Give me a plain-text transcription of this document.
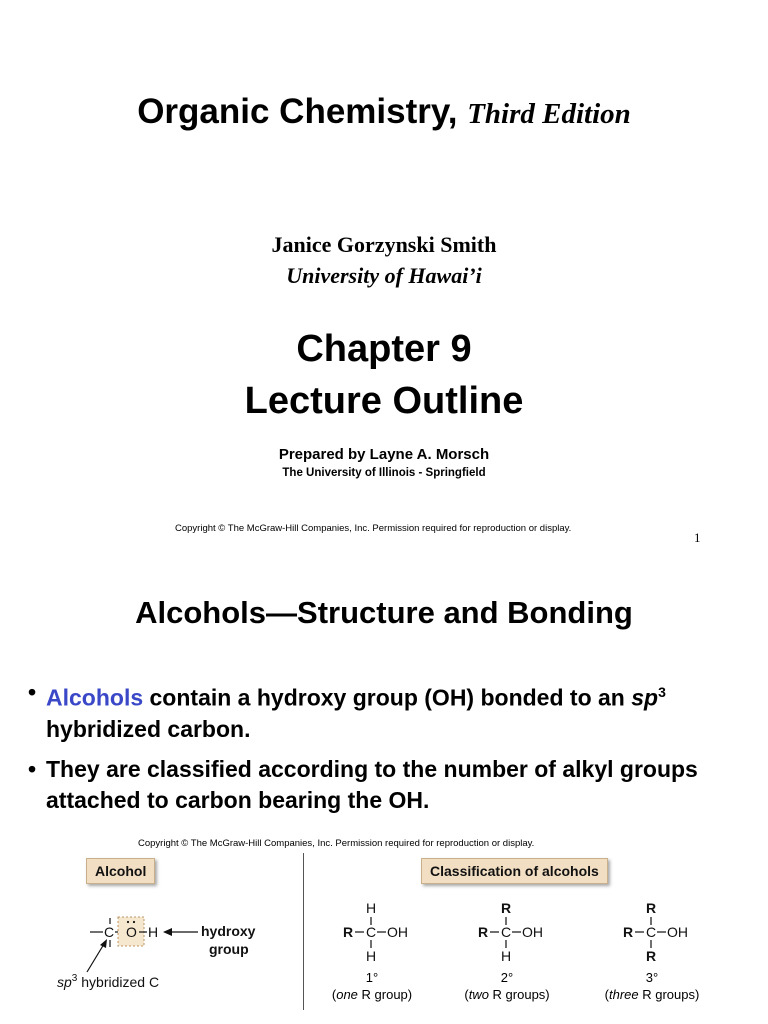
Organic Chemistry, Third Edition
Janice Gorzynski Smith
University of Hawai’i
Chapter 9
Lecture Outline
Prepared by Layne A. Morsch
The University of Illinois - Springfield
Copyright © The McGraw-Hill Companies, Inc. Permission required for reproduction or display.
1
Alcohols—Structure and Bonding
• Alcohols contain a hydroxy group (OH) bonded to an $sp^3$ hybridized carbon.
• They are classified according to the number of alkyl groups attached to carbon bearing the OH.
Copyright © The McGraw-Hill Companies, Inc. Permission required for reproduction or display.
Alcohol	Classification of alcohols
C O H	hydroxy
group
$sp^3$ hybridized C
H
R C OH
H
R
R C OH
H
R
R C OH
R
1°
(one R group)
2°
(two R groups)
3°
(three R groups)
